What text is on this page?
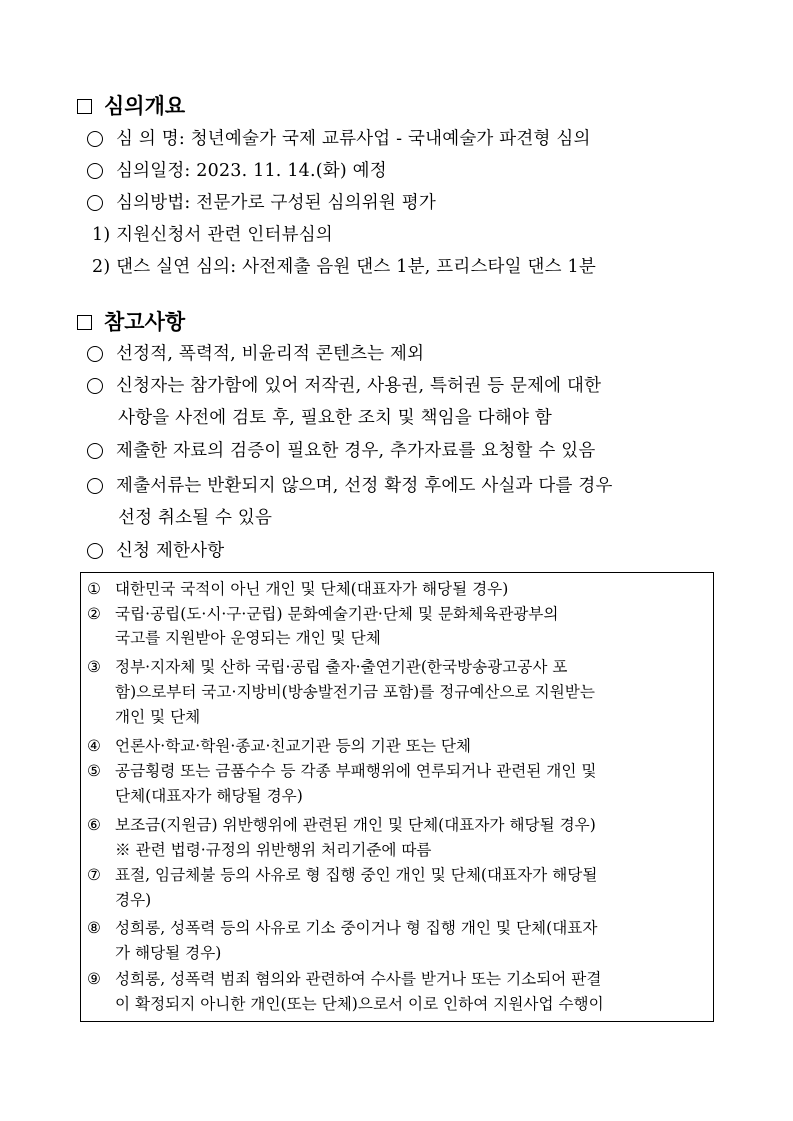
심의개요
심 의 명: 청년예술가 국제 교류사업 - 국내예술가 파견형 심의
심의일정: 2023. 11. 14.(화) 예정
심의방법: 전문가로 구성된 심의위원 평가
1) 지원신청서 관련 인터뷰심의
2) 댄스 실연 심의: 사전제출 음원 댄스 1분, 프리스타일 댄스 1분
참고사항
선정적, 폭력적, 비윤리적 콘텐츠는 제외
신청자는 참가함에 있어 저작권, 사용권, 특허권 등 문제에 대한
사항을 사전에 검토 후, 필요한 조치 및 책임을 다해야 함
제출한 자료의 검증이 필요한 경우, 추가자료를 요청할 수 있음
제출서류는 반환되지 않으며, 선정 확정 후에도 사실과 다를 경우
선정 취소될 수 있음
신청 제한사항
① 대한민국 국적이 아닌 개인 및 단체(대표자가 해당될 경우)
② 국립·공립(도·시·구·군립) 문화예술기관·단체 및 문화체육관광부의
국고를 지원받아 운영되는 개인 및 단체
③ 정부·지자체 및 산하 국립·공립 출자·출연기관(한국방송광고공사 포
함)으로부터 국고·지방비(방송발전기금 포함)를 정규예산으로 지원받는
개인 및 단체
④ 언론사·학교·학원·종교·친교기관 등의 기관 또는 단체
⑤ 공금횡령 또는 금품수수 등 각종 부패행위에 연루되거나 관련된 개인 및
단체(대표자가 해당될 경우)
⑥ 보조금(지원금) 위반행위에 관련된 개인 및 단체(대표자가 해당될 경우)
※ 관련 법령·규정의 위반행위 처리기준에 따름
⑦ 표절, 임금체불 등의 사유로 형 집행 중인 개인 및 단체(대표자가 해당될
경우)
⑧ 성희롱, 성폭력 등의 사유로 기소 중이거나 형 집행 개인 및 단체(대표자
가 해당될 경우)
⑨ 성희롱, 성폭력 범죄 혐의와 관련하여 수사를 받거나 또는 기소되어 판결
이 확정되지 아니한 개인(또는 단체)으로서 이로 인하여 지원사업 수행이
